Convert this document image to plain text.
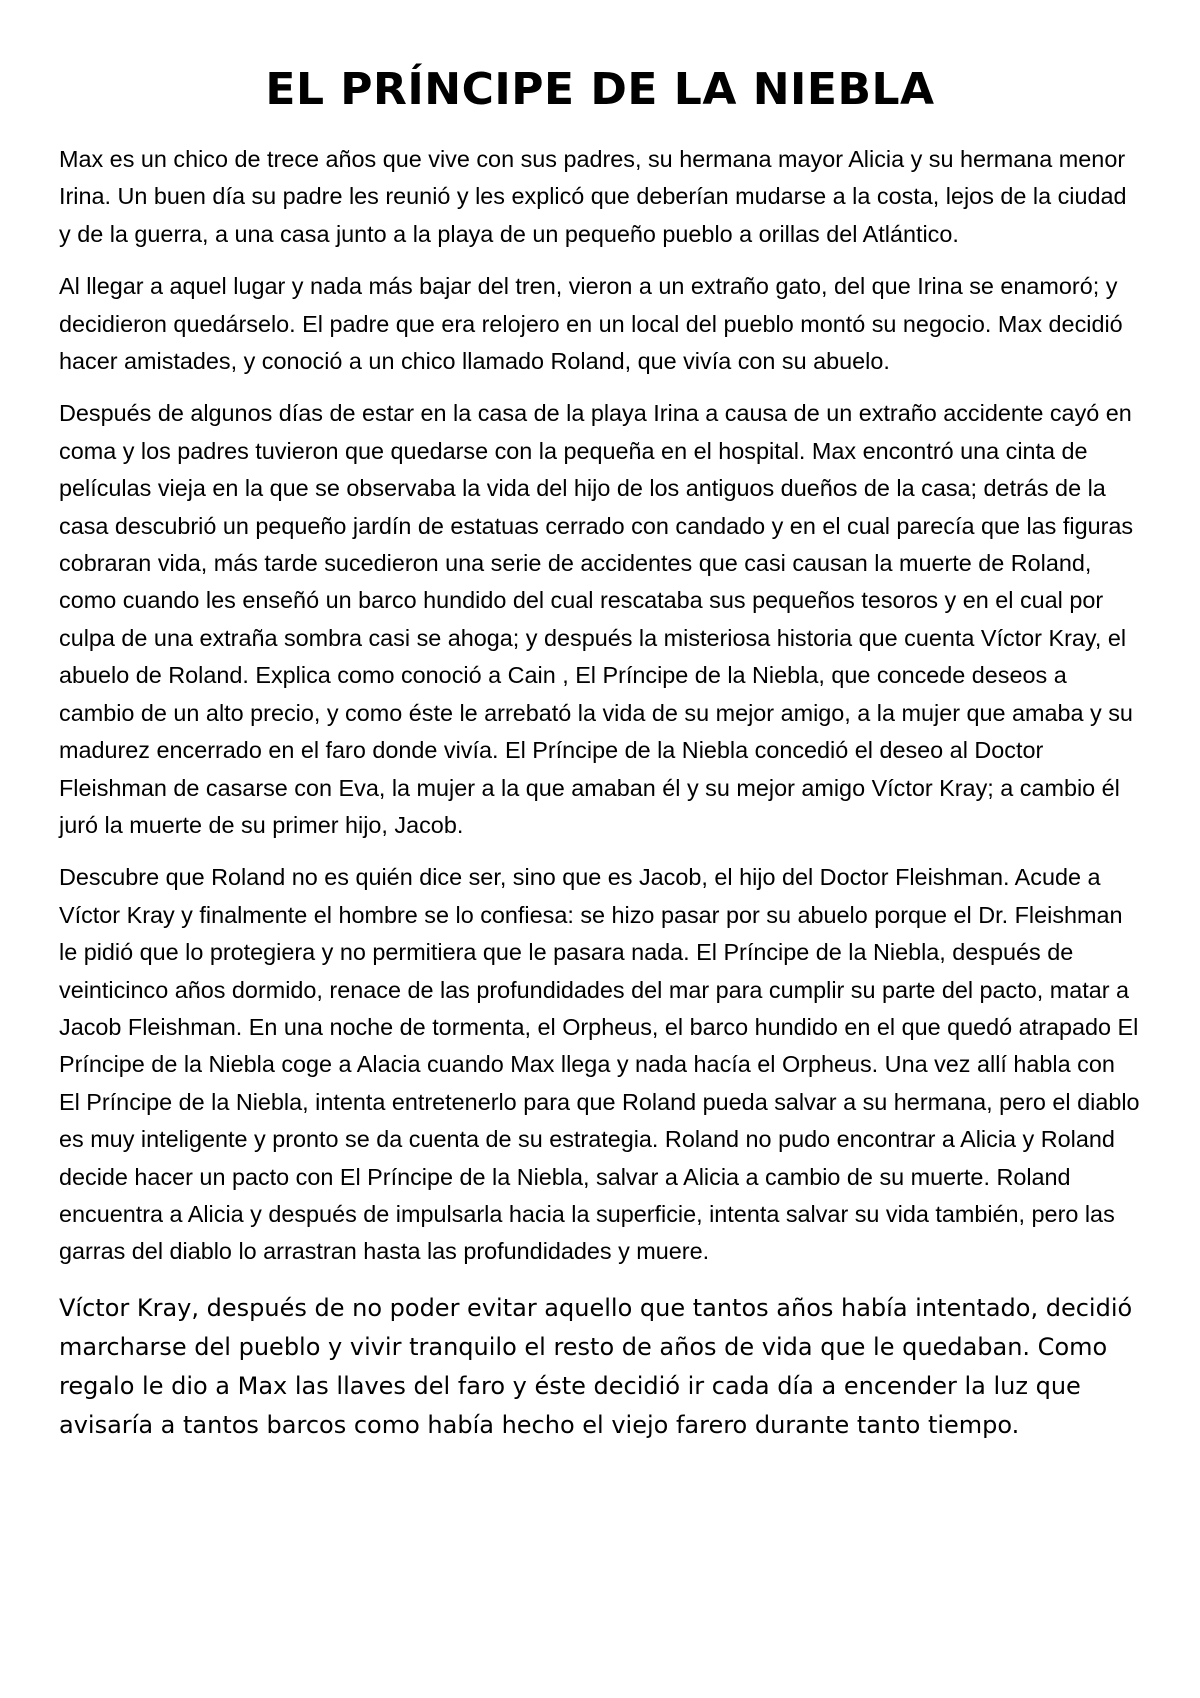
EL PRÍNCIPE DE LA NIEBLA

Max es un chico de trece años que vive con sus padres, su hermana mayor Alicia y su hermana menor Irina. Un buen día su padre les reunió y les explicó que deberían mudarse a la costa, lejos de la ciudad y de la guerra, a una casa junto a la playa de un pequeño pueblo a orillas del Atlántico.

Al llegar a aquel lugar y nada más bajar del tren, vieron a un extraño gato, del que Irina se enamoró; y decidieron quedárselo. El padre que era relojero en un local del pueblo montó su negocio. Max decidió hacer amistades, y conoció a un chico llamado Roland, que vivía con su abuelo.

Después de algunos días de estar en la casa de la playa Irina a causa de un extraño accidente cayó en coma y los padres tuvieron que quedarse con la pequeña en el hospital. Max encontró una cinta de películas vieja en la que se observaba la vida del hijo de los antiguos dueños de la casa; detrás de la casa descubrió un pequeño jardín de estatuas cerrado con candado y en el cual parecía que las figuras cobraran vida, más tarde sucedieron una serie de accidentes que casi causan la muerte de Roland, como cuando les enseñó un barco hundido del cual rescataba sus pequeños tesoros y en el cual por culpa de una extraña sombra casi se ahoga; y después la misteriosa historia que cuenta Víctor Kray, el abuelo de Roland. Explica como conoció a Cain , El Príncipe de la Niebla, que concede deseos a cambio de un alto precio, y como éste le arrebató la vida de su mejor amigo, a la mujer que amaba y su madurez encerrado en el faro donde vivía. El Príncipe de la Niebla concedió el deseo al Doctor Fleishman de casarse con Eva, la mujer a la que amaban él y su mejor amigo Víctor Kray; a cambio él juró la muerte de su primer hijo, Jacob.

Descubre que Roland no es quién dice ser, sino que es Jacob, el hijo del Doctor Fleishman. Acude a Víctor Kray y finalmente el hombre se lo confiesa: se hizo pasar por su abuelo porque el Dr. Fleishman le pidió que lo protegiera y no permitiera que le pasara nada. El Príncipe de la Niebla, después de veinticinco años dormido, renace de las profundidades del mar para cumplir su parte del pacto, matar a Jacob Fleishman. En una noche de tormenta, el Orpheus, el barco hundido en el que quedó atrapado El Príncipe de la Niebla coge a Alacia cuando Max llega y nada hacía el Orpheus. Una vez allí habla con El Príncipe de la Niebla, intenta entretenerlo para que Roland pueda salvar a su hermana, pero el diablo es muy inteligente y pronto se da cuenta de su estrategia. Roland no pudo encontrar a Alicia y Roland decide hacer un pacto con El Príncipe de la Niebla, salvar a Alicia a cambio de su muerte. Roland encuentra a Alicia y después de impulsarla hacia la superficie, intenta salvar su vida también, pero las garras del diablo lo arrastran hasta las profundidades y muere.

Víctor Kray, después de no poder evitar aquello que tantos años había intentado, decidió marcharse del pueblo y vivir tranquilo el resto de años de vida que le quedaban. Como regalo le dio a Max las llaves del faro y éste decidió ir cada día a encender la luz que avisaría a tantos barcos como había hecho el viejo farero durante tanto tiempo.
